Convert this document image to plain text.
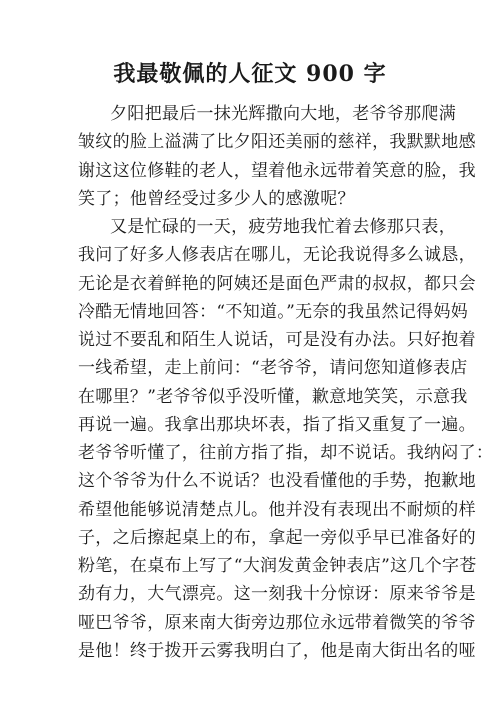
我最敬佩的人征文 900 字
夕阳把最后一抹光辉撒向大地，老爷爷那爬满
皱纹的脸上溢满了比夕阳还美丽的慈祥，我默默地感
谢这这位修鞋的老人，望着他永远带着笑意的脸，我
笑了；他曾经受过多少人的感激呢？
又是忙碌的一天，疲劳地我忙着去修那只表，
我问了好多人修表店在哪儿，无论我说得多么诚恳，
无论是衣着鲜艳的阿姨还是面色严肃的叔叔，都只会
冷酷无情地回答：“不知道。”无奈的我虽然记得妈妈
说过不要乱和陌生人说话，可是没有办法。只好抱着
一线希望，走上前问：“老爷爷，请问您知道修表店
在哪里？”老爷爷似乎没听懂，歉意地笑笑，示意我
再说一遍。我拿出那块坏表，指了指又重复了一遍。
老爷爷听懂了，往前方指了指，却不说话。我纳闷了：
这个爷爷为什么不说话？也没看懂他的手势，抱歉地
希望他能够说清楚点儿。他并没有表现出不耐烦的样
子，之后擦起桌上的布，拿起一旁似乎早已准备好的
粉笔，在桌布上写了“大润发黄金钟表店”这几个字苍
劲有力，大气漂亮。这一刻我十分惊讶：原来爷爷是
哑巴爷爷，原来南大街旁边那位永远带着微笑的爷爷
是他！终于拨开云雾我明白了，他是南大街出名的哑
